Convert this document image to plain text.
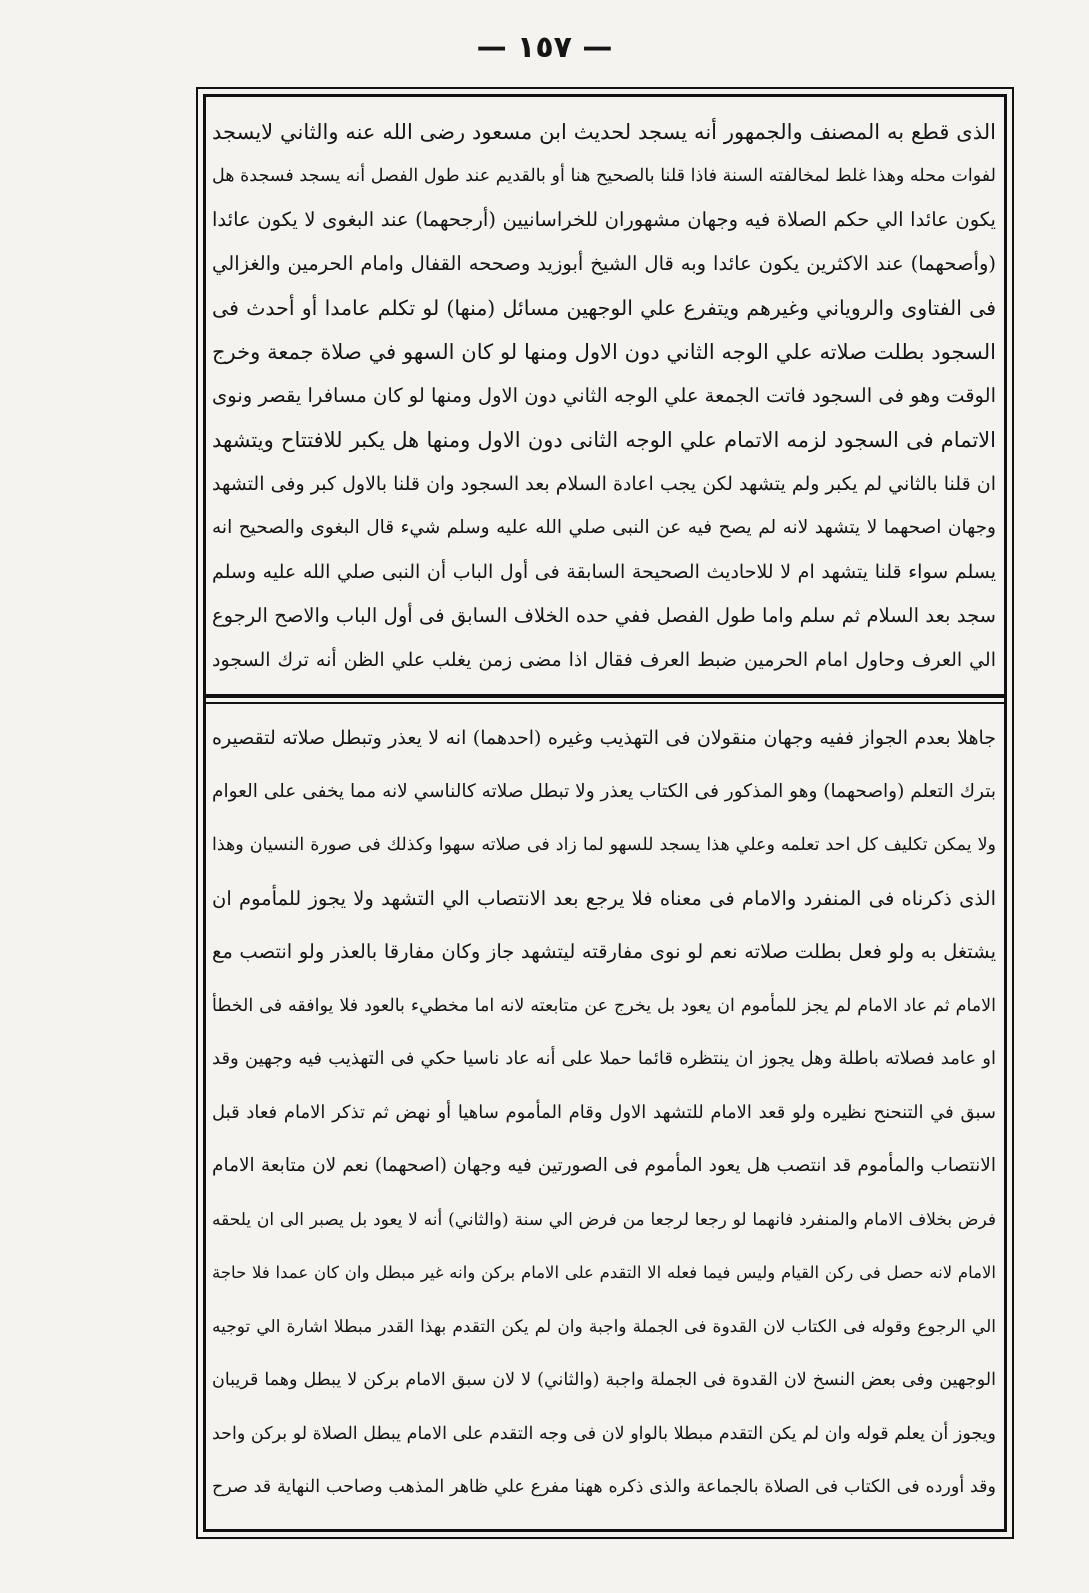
— ١٥٧ —
الذى قطع به المصنف والجمهور أنه يسجد لحديث ابن مسعود رضى الله عنه والثاني لايسجد
لفوات محله وهذا غلط لمخالفته السنة فاذا قلنا بالصحيح هنا أو بالقديم عند طول الفصل أنه يسجد فسجدة هل
يكون عائدا الي حكم الصلاة فيه وجهان مشهوران للخراسانيين (أرجحهما) عند البغوى لا يكون عائدا
(وأصحهما) عند الاكثرين يكون عائدا وبه قال الشيخ أبوزيد وصححه القفال وامام الحرمين والغزالي
فى الفتاوى والروياني وغيرهم ويتفرع علي الوجهين مسائل (منها) لو تكلم عامدا أو أحدث فى
السجود بطلت صلاته علي الوجه الثاني دون الاول ومنها لو كان السهو في صلاة جمعة وخرج
الوقت وهو فى السجود فاتت الجمعة علي الوجه الثاني دون الاول ومنها لو كان مسافرا يقصر ونوى
الاتمام فى السجود لزمه الاتمام علي الوجه الثانى دون الاول ومنها هل يكبر للافتتاح ويتشهد
ان قلنا بالثاني لم يكبر ولم يتشهد لكن يجب اعادة السلام بعد السجود وان قلنا بالاول كبر وفى التشهد
وجهان اصحهما لا يتشهد لانه لم يصح فيه عن النبى صلي الله عليه وسلم شيء قال البغوى والصحيح انه
يسلم سواء قلنا يتشهد ام لا للاحاديث الصحيحة السابقة فى أول الباب أن النبى صلي الله عليه وسلم
سجد بعد السلام ثم سلم واما طول الفصل ففي حده الخلاف السابق فى أول الباب والاصح الرجوع
الي العرف وحاول امام الحرمين ضبط العرف فقال اذا مضى زمن يغلب علي الظن أنه ترك السجود
جاهلا بعدم الجواز ففيه وجهان منقولان فى التهذيب وغيره (احدهما) انه لا يعذر وتبطل صلاته لتقصيره
بترك التعلم (واصحهما) وهو المذكور فى الكتاب يعذر ولا تبطل صلاته كالناسي لانه مما يخفى على العوام
ولا يمكن تكليف كل احد تعلمه وعلي هذا يسجد للسهو لما زاد فى صلاته سهوا وكذلك فى صورة النسيان وهذا
الذى ذكرناه فى المنفرد والامام فى معناه فلا يرجع بعد الانتصاب الي التشهد ولا يجوز للمأموم ان
يشتغل به ولو فعل بطلت صلاته نعم لو نوى مفارقته ليتشهد جاز وكان مفارقا بالعذر ولو انتصب مع
الامام ثم عاد الامام لم يجز للمأموم ان يعود بل يخرج عن متابعته لانه اما مخطيء بالعود فلا يوافقه فى الخطأ
او عامد فصلاته باطلة وهل يجوز ان ينتظره قائما حملا على أنه عاد ناسيا حكي فى التهذيب فيه وجهين وقد
سبق في التنحنح نظيره ولو قعد الامام للتشهد الاول وقام المأموم ساهيا أو نهض ثم تذكر الامام فعاد قبل
الانتصاب والمأموم قد انتصب هل يعود المأموم فى الصورتين فيه وجهان (اصحهما) نعم لان متابعة الامام
فرض بخلاف الامام والمنفرد فانهما لو رجعا لرجعا من فرض الي سنة (والثاني) أنه لا يعود بل يصبر الى ان يلحقه
الامام لانه حصل فى ركن القيام وليس فيما فعله الا التقدم على الامام بركن وانه غير مبطل وان كان عمدا فلا حاجة
الي الرجوع وقوله فى الكتاب لان القدوة فى الجملة واجبة وان لم يكن التقدم بهذا القدر مبطلا اشارة الي توجيه
الوجهين وفى بعض النسخ لان القدوة فى الجملة واجبة (والثاني) لا لان سبق الامام بركن لا يبطل وهما قريبان
ويجوز أن يعلم قوله وان لم يكن التقدم مبطلا بالواو لان فى وجه التقدم على الامام يبطل الصلاة لو بركن واحد
وقد أورده فى الكتاب فى الصلاة بالجماعة والذى ذكره ههنا مفرع علي ظاهر المذهب وصاحب النهاية قد صرح
